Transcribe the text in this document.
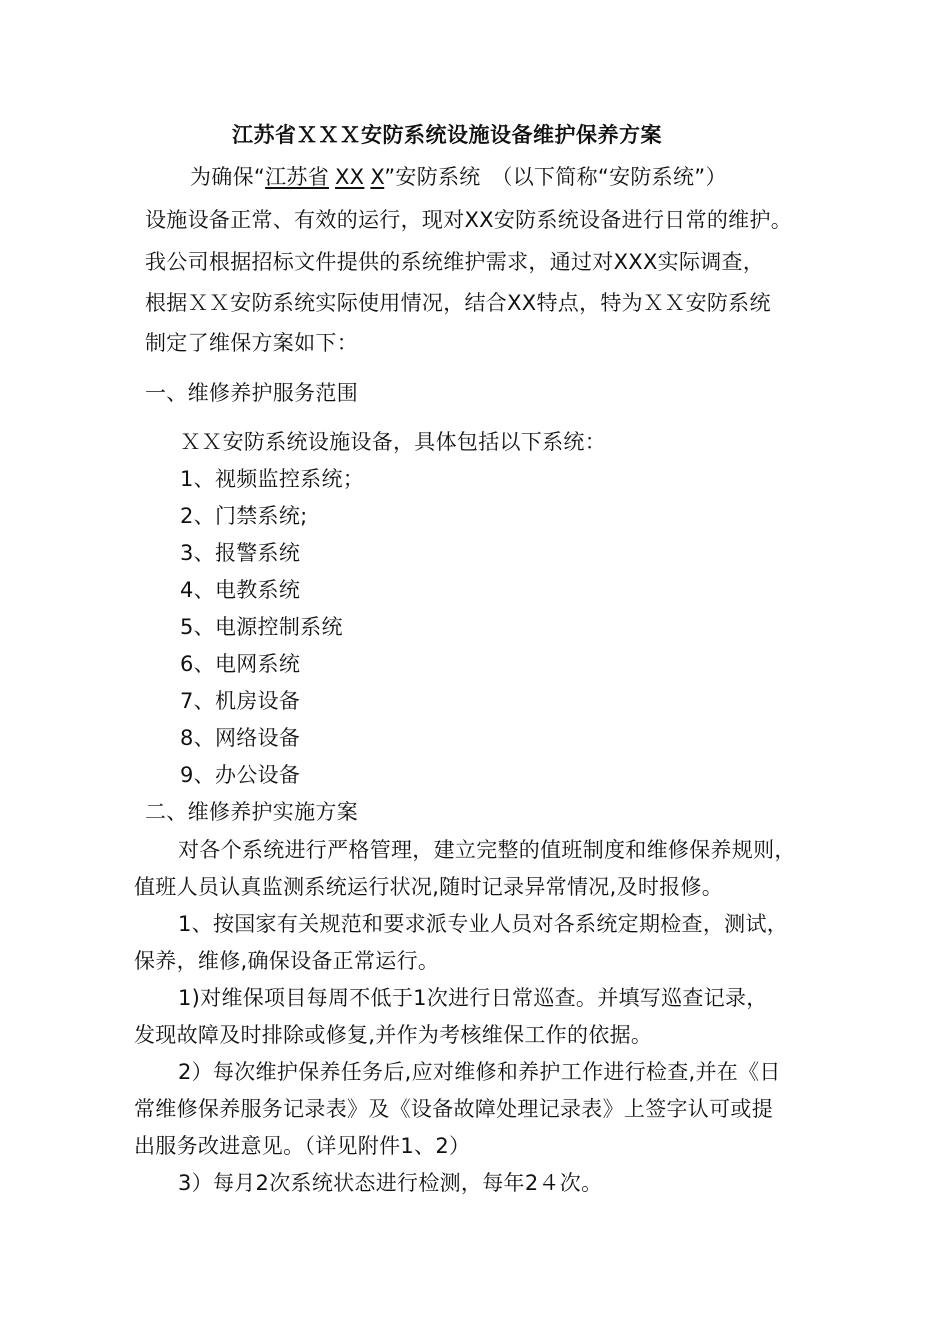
江苏省ＸＸＸ安防系统设施设备维护保养方案
为确保“江苏省 XX X”安防系统　（以下简称“安防系统”）
设施设备正常、有效的运行，现对XX安防系统设备进行日常的维护。
我公司根据招标文件提供的系统维护需求，通过对XXX实际调查，
根据ＸＸ安防系统实际使用情况，结合XX特点，特为ＸＸ安防系统
制定了维保方案如下：
一、维修养护服务范围
ＸＸ安防系统设施设备，具体包括以下系统：
1、视频监控系统；
2、门禁系统;
3、报警系统
4、电教系统
5、电源控制系统
6、电网系统
7、机房设备
8、网络设备
9、办公设备
二、维修养护实施方案
对各个系统进行严格管理，建立完整的值班制度和维修保养规则，
值班人员认真监测系统运行状况,随时记录异常情况,及时报修。
1、按国家有关规范和要求派专业人员对各系统定期检查，测试，
保养，维修,确保设备正常运行。
1)对维保项目每周不低于1次进行日常巡查。并填写巡查记录，
发现故障及时排除或修复,并作为考核维保工作的依据。
2）每次维护保养任务后,应对维修和养护工作进行检查,并在《日
常维修保养服务记录表》及《设备故障处理记录表》上签字认可或提
出服务改进意见。（详见附件1、2）
3）每月2次系统状态进行检测，每年2４次。
